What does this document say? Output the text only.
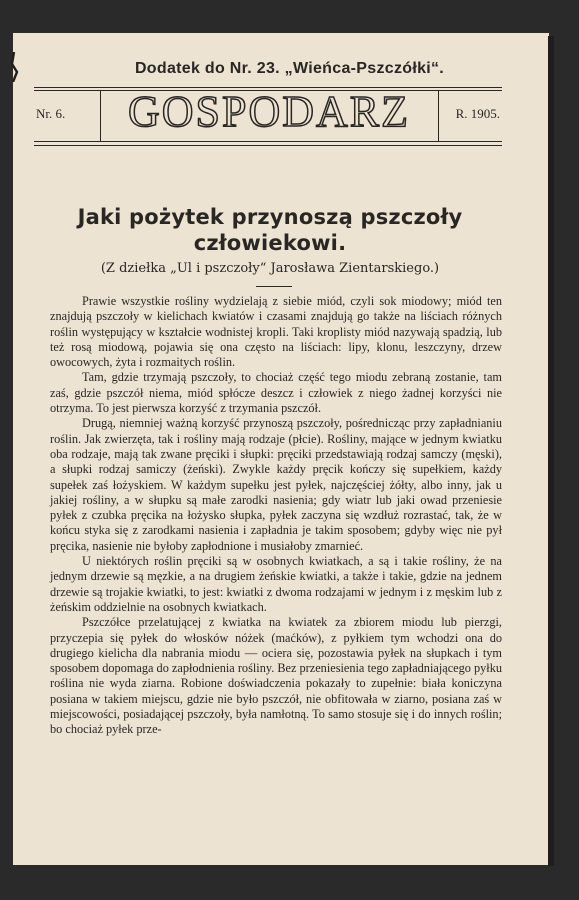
Dodatek do Nr. 23. „Wieńca-Pszczółki“.
Nr. 6.	GOSPODARZ	R. 1905.
Jaki pożytek przynoszą pszczoły człowiekowi.
(Z dziełka „Ul i pszczoły“ Jarosława Zientarskiego.)

Prawie wszystkie rośliny wydzielają z siebie miód, czyli sok miodowy; miód ten znajdują pszczoły w kielichach kwiatów i czasami znajdują go także na liściach różnych roślin występujący w kształcie wodnistej kropli. Taki kroplisty miód nazywają spadzią, lub też rosą miodową, pojawia się ona często na liściach: lipy, klonu, leszczyny, drzew owocowych, żyta i rozmaitych roślin.

Tam, gdzie trzymają pszczoły, to chociaż część tego miodu zebraną zostanie, tam zaś, gdzie pszczół niema, miód spłócze deszcz i człowiek z niego żadnej korzyści nie otrzyma. To jest pierwsza korzyść z trzymania pszczół.

Drugą, niemniej ważną korzyść przynoszą pszczoły, pośrednicząc przy zapładnianiu roślin. Jak zwierzęta, tak i rośliny mają rodzaje (płcie). Rośliny, mające w jednym kwiatku oba rodzaje, mają tak zwane pręciki i słupki: pręciki przedstawiają rodzaj samczy (męski), a słupki rodzaj samiczy (żeński). Zwykle każdy pręcik kończy się supełkiem, każdy supełek zaś łożyskiem. W każdym supełku jest pyłek, najczęściej żółty, albo inny, jak u jakiej rośliny, a w słupku są małe zarodki nasienia; gdy wiatr lub jaki owad przeniesie pyłek z czubka pręcika na łożysko słupka, pyłek zaczyna się wzdłuż rozrastać, tak, że w końcu styka się z zarodkami nasienia i zapładnia je takim sposobem; gdyby więc nie pył pręcika, nasienie nie byłoby zapłodnione i musiałoby zmarnieć.

U niektórych roślin pręciki są w osobnych kwiatkach, a są i takie rośliny, że na jednym drzewie są męzkie, a na drugiem żeńskie kwiatki, a także i takie, gdzie na jednem drzewie są trojakie kwiatki, to jest: kwiatki z dwoma rodzajami w jednym i z męskim lub z żeńskim oddzielnie na osobnych kwiatkach.

Pszczółce przelatującej z kwiatka na kwiatek za zbiorem miodu lub pierzgi, przyczepia się pyłek do włosków nóżek (maćków), z pyłkiem tym wchodzi ona do drugiego kielicha dla nabrania miodu — ociera się, pozostawia pyłek na słupkach i tym sposobem dopomaga do zapłodnienia rośliny. Bez przeniesienia tego zapładniającego pyłku roślina nie wyda ziarna. Robione doświadczenia pokazały to zupełnie: biała koniczyna posiana w takiem miejscu, gdzie nie było pszczół, nie obfitowała w ziarno, posiana zaś w miejscowości, posiadającej pszczoły, była namłotną. To samo stosuje się i do innych roślin; bo chociaż pyłek prze-
